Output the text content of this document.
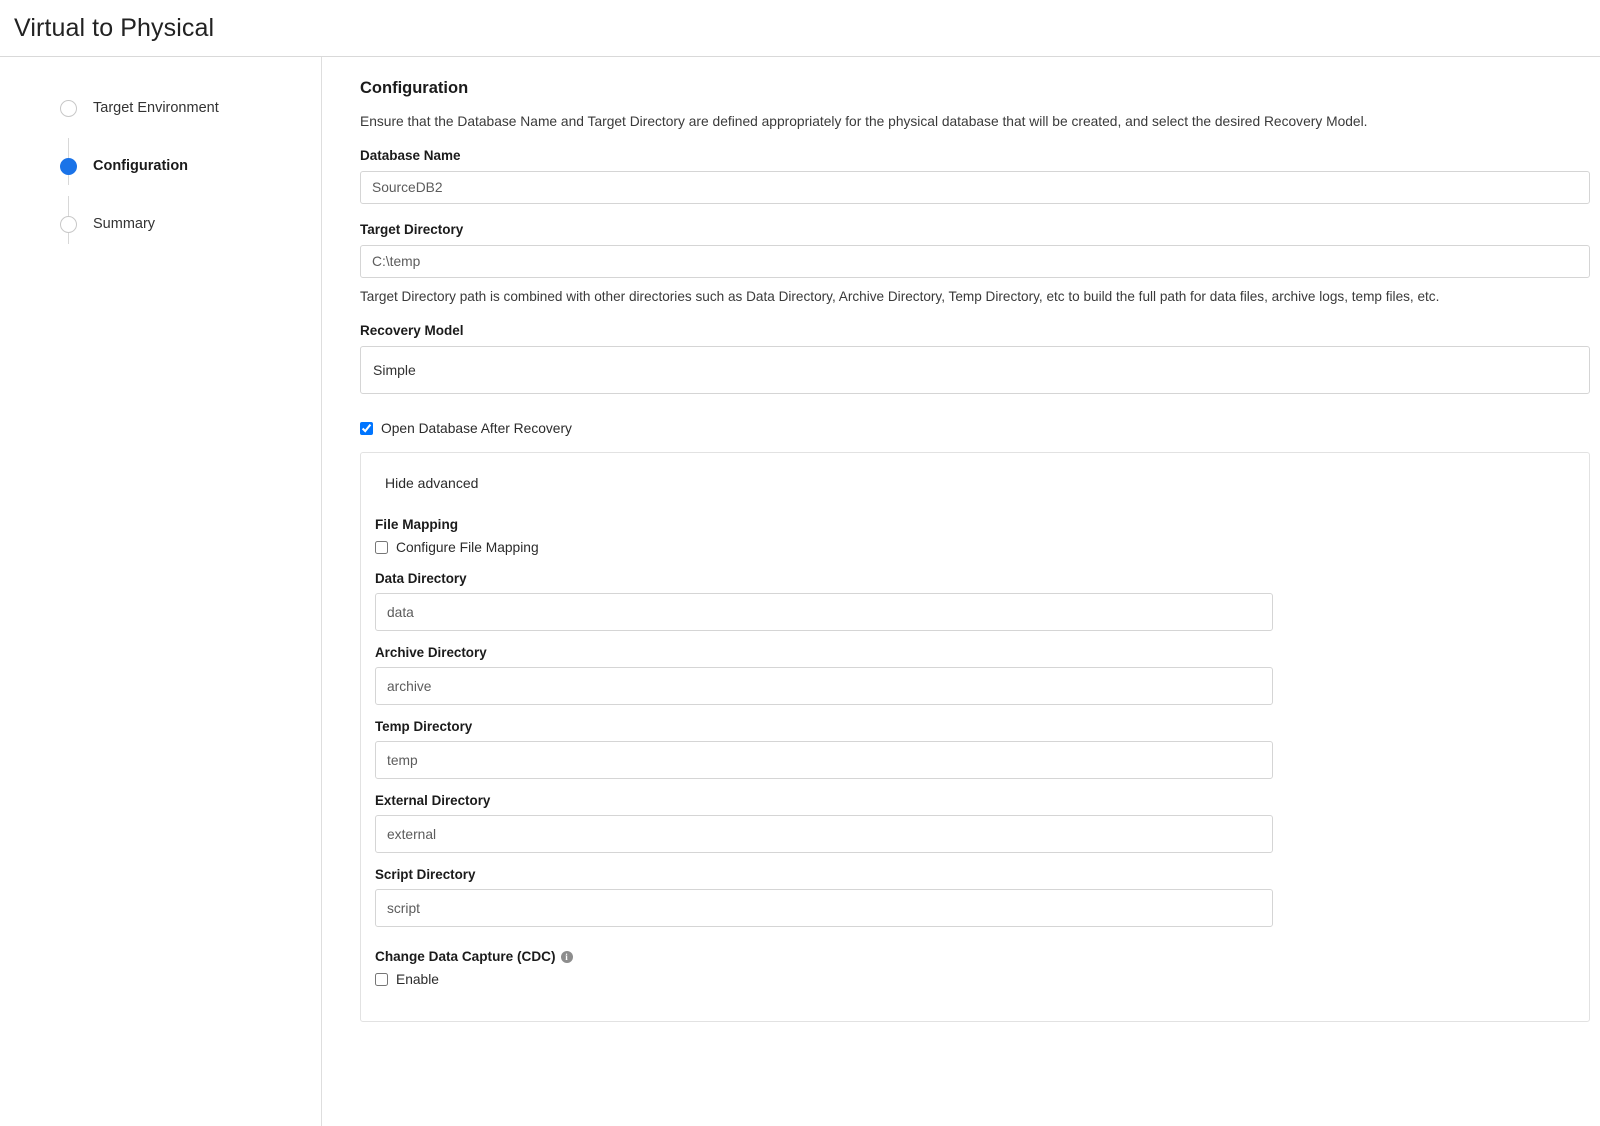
Virtual to Physical
Target Environment
Configuration
Summary
Configuration

Ensure that the Database Name and Target Directory are defined appropriately for the physical database that will be created, and select the desired Recovery Model.

Database Name
SourceDB2
Target Directory
C:\temp

Target Directory path is combined with other directories such as Data Directory, Archive Directory, Temp Directory, etc to build the full path for data files, archive logs, temp files, etc.

Recovery Model
Simple
Open Database After Recovery
Hide advanced
File Mapping
Configure File Mapping
Data Directory
data
Archive Directory
archive
Temp Directory
temp
External Directory
external
Script Directory
script
Change Data Capture (CDC) i
Enable
